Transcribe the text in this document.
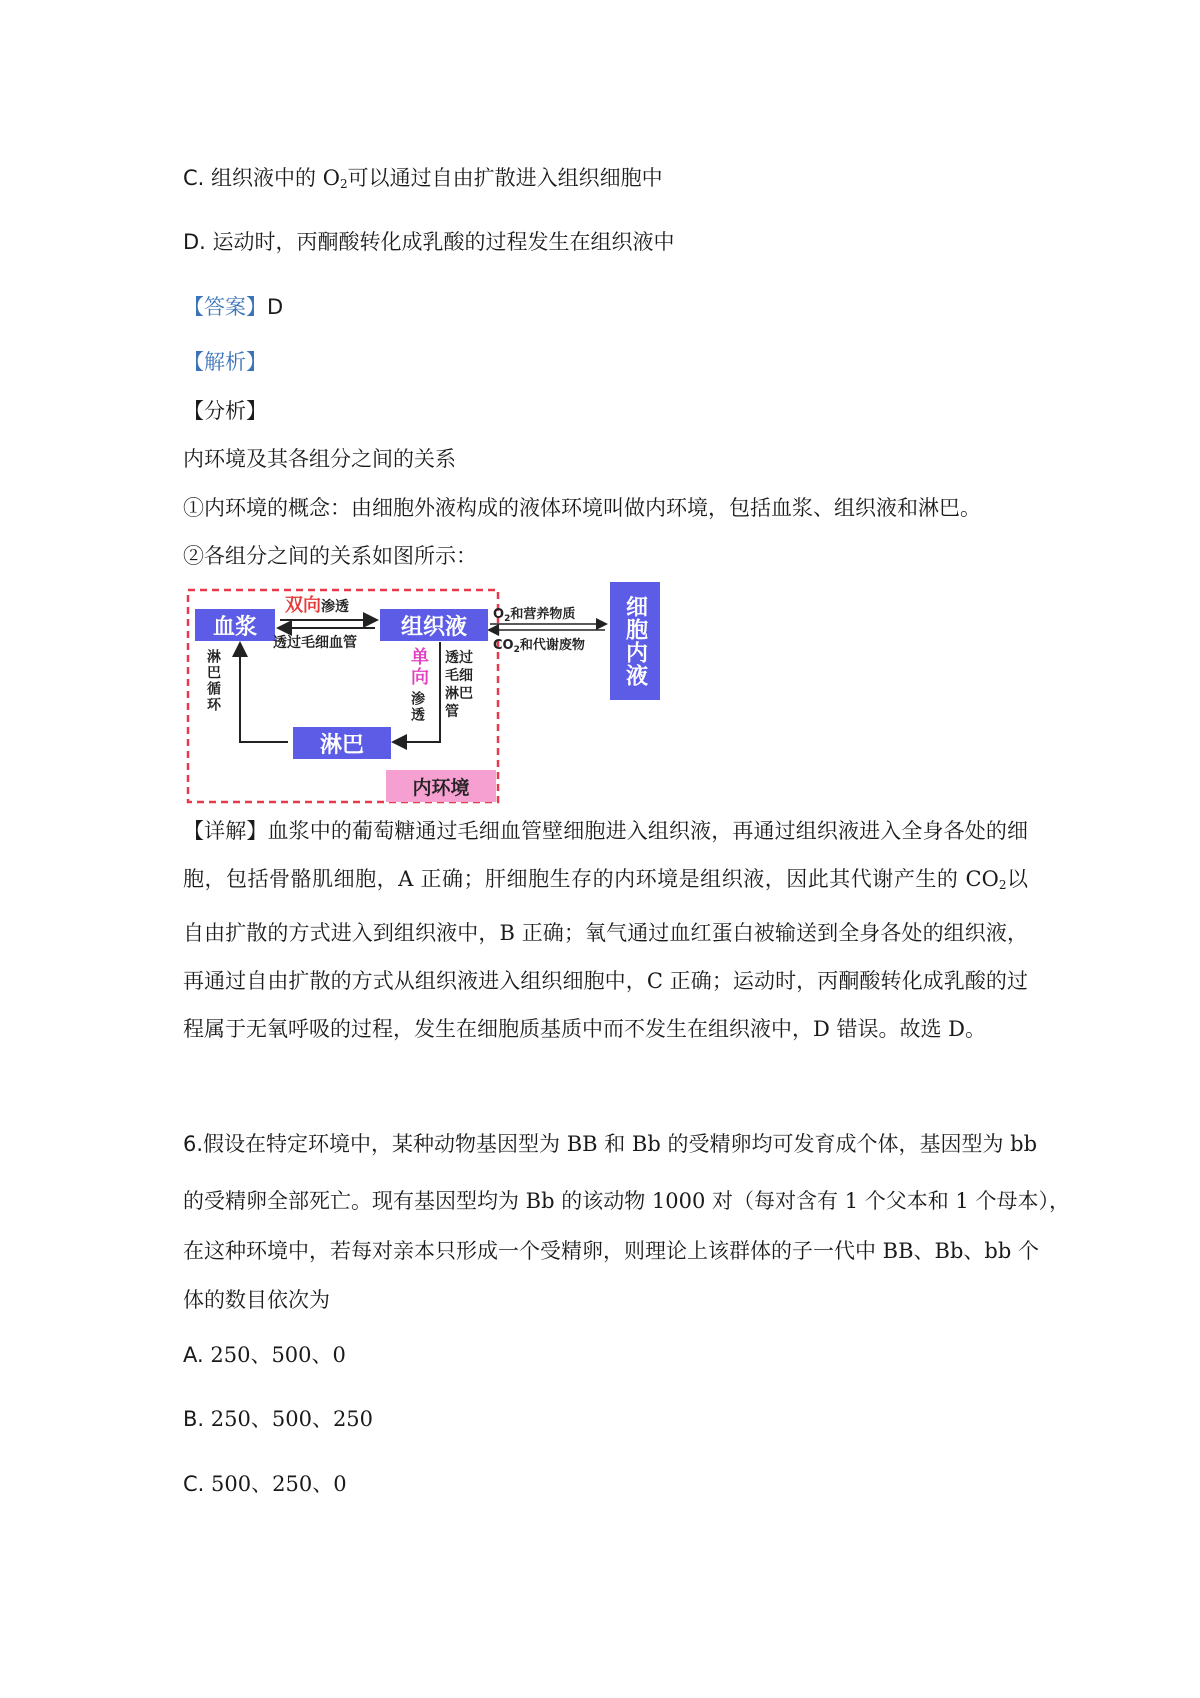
C. 组织液中的 $O_2$可以通过自由扩散进入组织细胞中
D. 运动时，丙酮酸转化成乳酸的过程发生在组织液中
【答案】D
【解析】
【分析】
内环境及其各组分之间的关系
①内环境的概念：由细胞外液构成的液体环境叫做内环境，包括血浆、组织液和淋巴。
②各组分之间的关系如图所示：
血浆	组织液
淋巴
细胞内液
内环境
双向渗透
透过毛细血管
$O_2$和营养物质
$CO_2$和代谢废物
单向
渗透
透过毛细淋巴管
淋巴循环
【详解】血浆中的葡萄糖通过毛细血管壁细胞进入组织液，再通过组织液进入全身各处的细胞，包括骨骼肌细胞，A 正确；肝细胞生存的内环境是组织液，因此其代谢产生的 $CO_2$以自由扩散的方式进入到组织液中，B 正确；氧气通过血红蛋白被输送到全身各处的组织液，再通过自由扩散的方式从组织液进入组织细胞中，C 正确；运动时，丙酮酸转化成乳酸的过程属于无氧呼吸的过程，发生在细胞质基质中而不发生在组织液中，D 错误。故选 D。
6.假设在特定环境中，某种动物基因型为 BB 和 Bb 的受精卵均可发育成个体，基因型为 bb
的受精卵全部死亡。现有基因型均为 Bb 的该动物 1000 对（每对含有 1 个父本和 1 个母本），
在这种环境中，若每对亲本只形成一个受精卵，则理论上该群体的子一代中 BB、Bb、bb 个
体的数目依次为
A. 250、500、0
B. 250、500、250
C. 500、250、0
